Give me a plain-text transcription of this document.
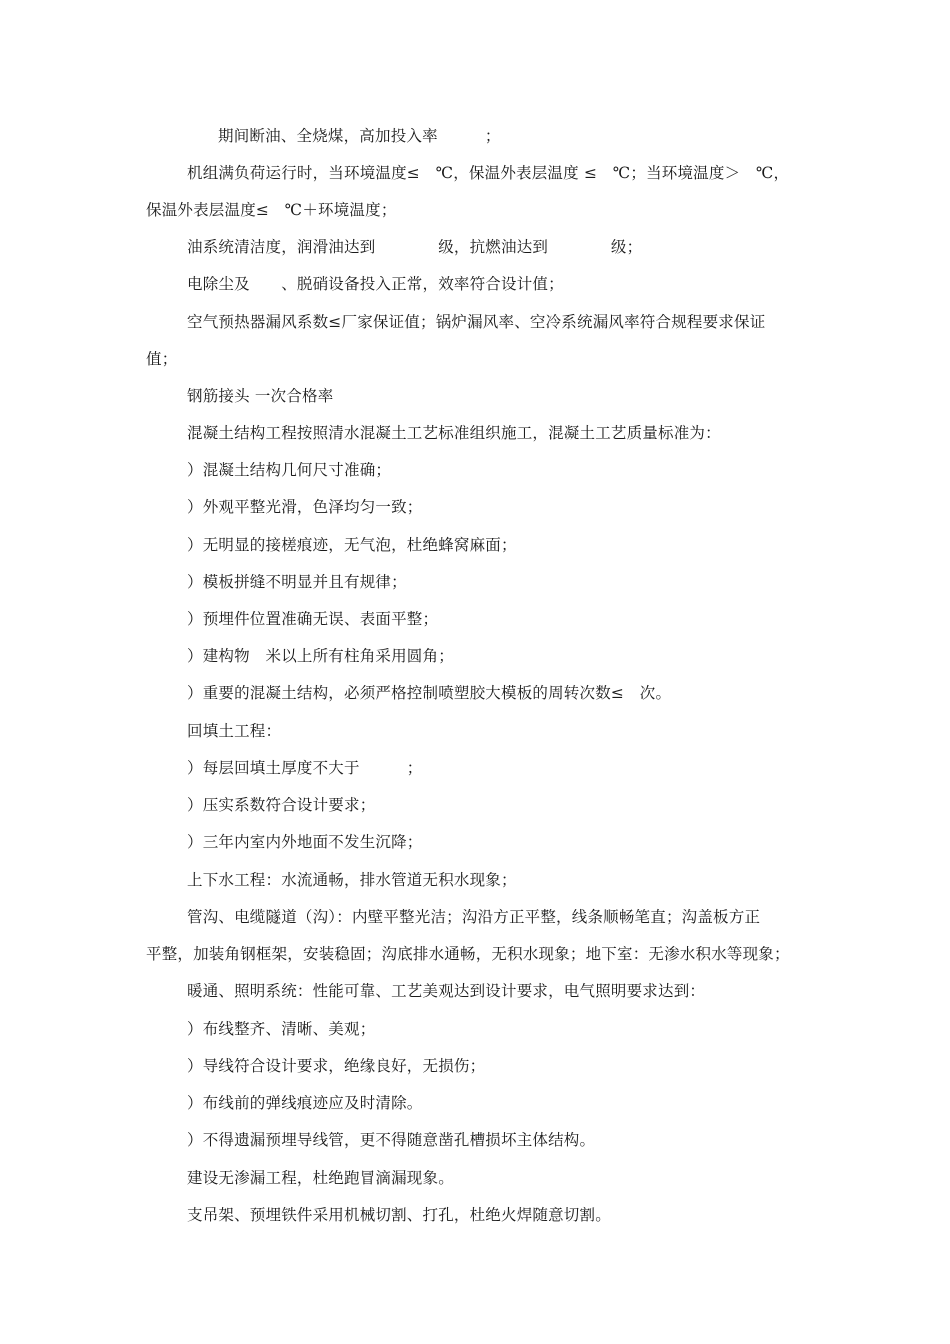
期间断油、全烧煤，高加投入率　　　；
机组满负荷运行时，当环境温度≤　℃，保温外表层温度 ≤　℃；当环境温度＞　℃，
保温外表层温度≤　℃＋环境温度；
油系统清洁度，润滑油达到　　　　级，抗燃油达到　　　　级；
电除尘及　　、脱硝设备投入正常，效率符合设计值；
空气预热器漏风系数≤厂家保证值；锅炉漏风率、空冷系统漏风率符合规程要求保证
值；
钢筋接头 一次合格率
混凝土结构工程按照清水混凝土工艺标准组织施工，混凝土工艺质量标准为：
）混凝土结构几何尺寸准确；
）外观平整光滑，色泽均匀一致；
）无明显的接槎痕迹，无气泡，杜绝蜂窝麻面；
）模板拼缝不明显并且有规律；
）预埋件位置准确无误、表面平整；
）建构物　米以上所有柱角采用圆角；
）重要的混凝土结构，必须严格控制喷塑胶大模板的周转次数≤　次。
回填土工程：
）每层回填土厚度不大于　　　；
）压实系数符合设计要求；
）三年内室内外地面不发生沉降；
上下水工程：水流通畅，排水管道无积水现象；
管沟、电缆隧道（沟）：内壁平整光洁；沟沿方正平整，线条顺畅笔直；沟盖板方正
平整，加装角钢框架，安装稳固；沟底排水通畅，无积水现象；地下室：无渗水积水等现象；
暖通、照明系统：性能可靠、工艺美观达到设计要求，电气照明要求达到：
）布线整齐、清晰、美观；
）导线符合设计要求，绝缘良好，无损伤；
）布线前的弹线痕迹应及时清除。
）不得遗漏预埋导线管，更不得随意凿孔槽损坏主体结构。
建设无渗漏工程，杜绝跑冒滴漏现象。
支吊架、预埋铁件采用机械切割、打孔，杜绝火焊随意切割。
